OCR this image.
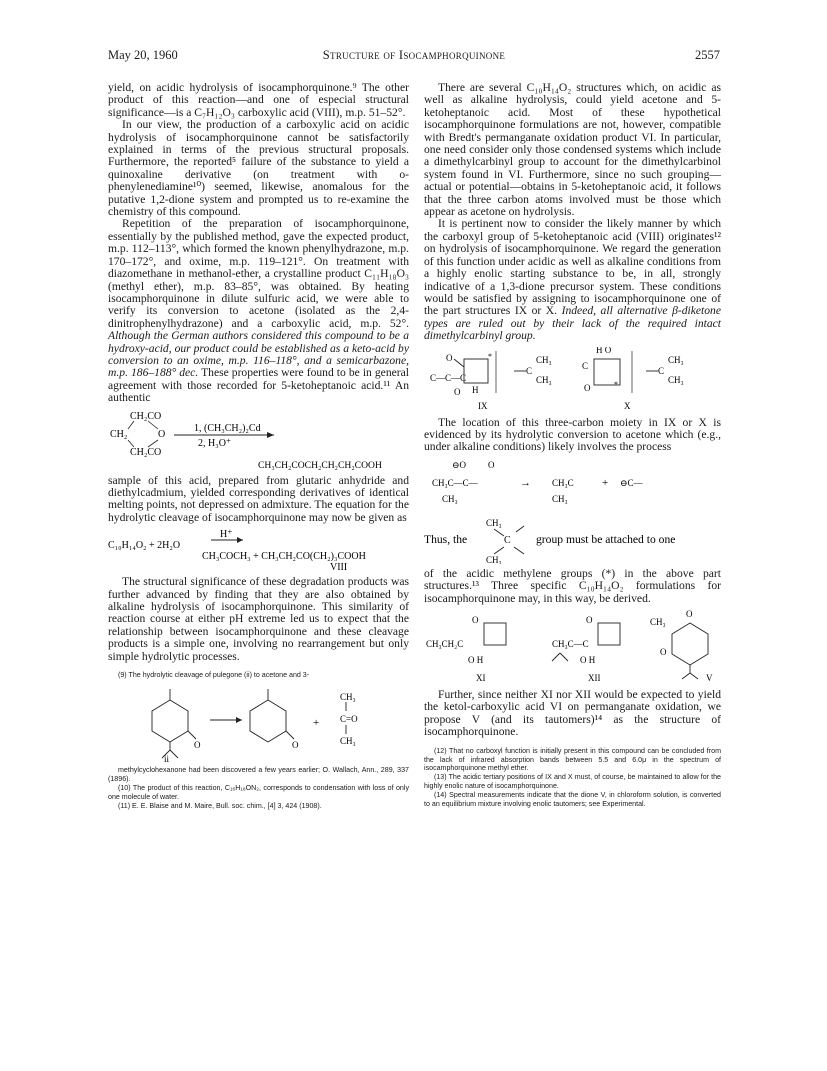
May 20, 1960	Structure of Isocamphorquinone	2557

yield, on acidic hydrolysis of isocamphorquinone.⁹ The other product of this reaction—and one of especial structural significance—is a C₇H₁₂O₃ carboxylic acid (VIII), m.p. 51–52°.

In our view, the production of a carboxylic acid on acidic hydrolysis of isocamphorquinone cannot be satisfactorily explained in terms of the previous structural proposals. Furthermore, the reported⁵ failure of the substance to yield a quinoxaline derivative (on treatment with o-phenylenediamine¹⁰) seemed, likewise, anomalous for the putative 1,2-dione system and prompted us to re-examine the chemistry of this compound.

Repetition of the preparation of isocamphorquinone, essentially by the published method, gave the expected product, m.p. 112–113°, which formed the known phenylhydrazone, m.p. 170–172°, and oxime, m.p. 119–121°. On treatment with diazomethane in methanol-ether, a crystalline product C₁₁H₁₈O₃ (methyl ether), m.p. 83–85°, was obtained. By heating isocamphorquinone in dilute sulfuric acid, we were able to verify its conversion to acetone (isolated as the 2,4-dinitrophenylhydrazone) and a carboxylic acid, m.p. 52°. Although the German authors considered this compound to be a hydroxy-acid, our product could be established as a keto-acid by conversion to an oxime, m.p. 116–118°, and a semicarbazone, m.p. 186–188° dec. These properties were found to be in general agreement with those recorded for 5-ketoheptanoic acid.¹¹ An authentic

CH₂CO
CH₂	O
CH₂CO
1, (CH₃CH₂)₂Cd
2, H₃O⁺
CH₃CH₂COCH₂CH₂CH₂COOH

sample of this acid, prepared from glutaric anhydride and diethylcadmium, yielded corresponding derivatives of identical melting points, not depressed on admixture. The equation for the hydrolytic cleavage of isocamphorquinone may now be given as

H⁺
C₁₀H₁₄O₂ + 2H₂O
CH₃COCH₃ + CH₃CH₂CO(CH₂)₃COOH
VIII

The structural significance of these degradation products was further advanced by finding that they are also obtained by alkaline hydrolysis of isocamphorquinone. This similarity of reaction course at either pH extreme led us to expect that the relationship between isocamphorquinone and these cleavage products is a simple one, involving no rearrangement but only simple hydrolytic processes.

(9) The hydrolytic cleavage of pulegone (ii) to acetone and 3-

O
ii
O
+
CH₃
C=O
CH₃

methylcyclohexanone had been discovered a few years earlier; O. Wallach, Ann., 289, 337 (1896).

(10) The product of this reaction, C₁₆H₁₈ON₂, corresponds to condensation with loss of only one molecule of water.

(11) E. E. Blaise and M. Maire, Bull. soc. chim., [4] 3, 424 (1908).

There are several C₁₀H₁₄O₂ structures which, on acidic as well as alkaline hydrolysis, could yield acetone and 5-ketoheptanoic acid. Most of these hypothetical isocamphorquinone formulations are not, however, compatible with Bredt's permanganate oxidation product VI. In particular, one need consider only those condensed systems which include a dimethylcarbinyl group to account for the dimethylcarbinol system found in VI. Furthermore, since no such grouping—actual or potential—obtains in 5-ketoheptanoic acid, it follows that the three carbon atoms involved must be those which appear as acetone on hydrolysis.

It is pertinent now to consider the likely manner by which the carboxyl group of 5-ketoheptanoic acid (VIII) originates¹² on hydrolysis of isocamphorquinone. We regard the generation of this function under acidic as well as alkaline conditions from a highly enolic starting substance to be, in all, strongly indicative of a 1,3-dione precursor system. These conditions would be satisfied by assigning to isocamphorquinone one of the part structures IX or X. Indeed, all alternative β-diketone types are ruled out by their lack of the required intact dimethylcarbinyl group.

C—C—C
O	*
C
CH₃
CH₃
O H
IX
H O
C
O	*
C
CH₃
CH₃
X

The location of this three-carbon moiety in IX or X is evidenced by its hydrolytic conversion to acetone which (e.g., under alkaline conditions) likely involves the process

⊖O O
CH₃C—C—
CH₃
→ CH₃C
CH₃
+ ⊖C—
CH₃
Thus, the	C group must be attached to one
CH₃

of the acidic methylene groups (*) in the above part structures.¹³ Three specific C₁₀H₁₄O₂ formulations for isocamphorquinone may, in this way, be derived.

O
CH₃CH₂C
O H
XI
O
CH₃C—C
O H
XII
O
CH₃
O
V

Further, since neither XI nor XII would be expected to yield the ketol-carboxylic acid VI on permanganate oxidation, we propose V (and its tautomers)¹⁴ as the structure of isocamphorquinone.

(12) That no carboxyl function is initially present in this compound can be concluded from the lack of infrared absorption bands between 5.5 and 6.0μ in the spectrum of isocamphorquinone methyl ether.

(13) The acidic tertiary positions of IX and X must, of course, be maintained to allow for the highly enolic nature of isocamphorquinone.

(14) Spectral measurements indicate that the dione V, in chloroform solution, is converted to an equilibrium mixture involving enolic tautomers; see Experimental.
